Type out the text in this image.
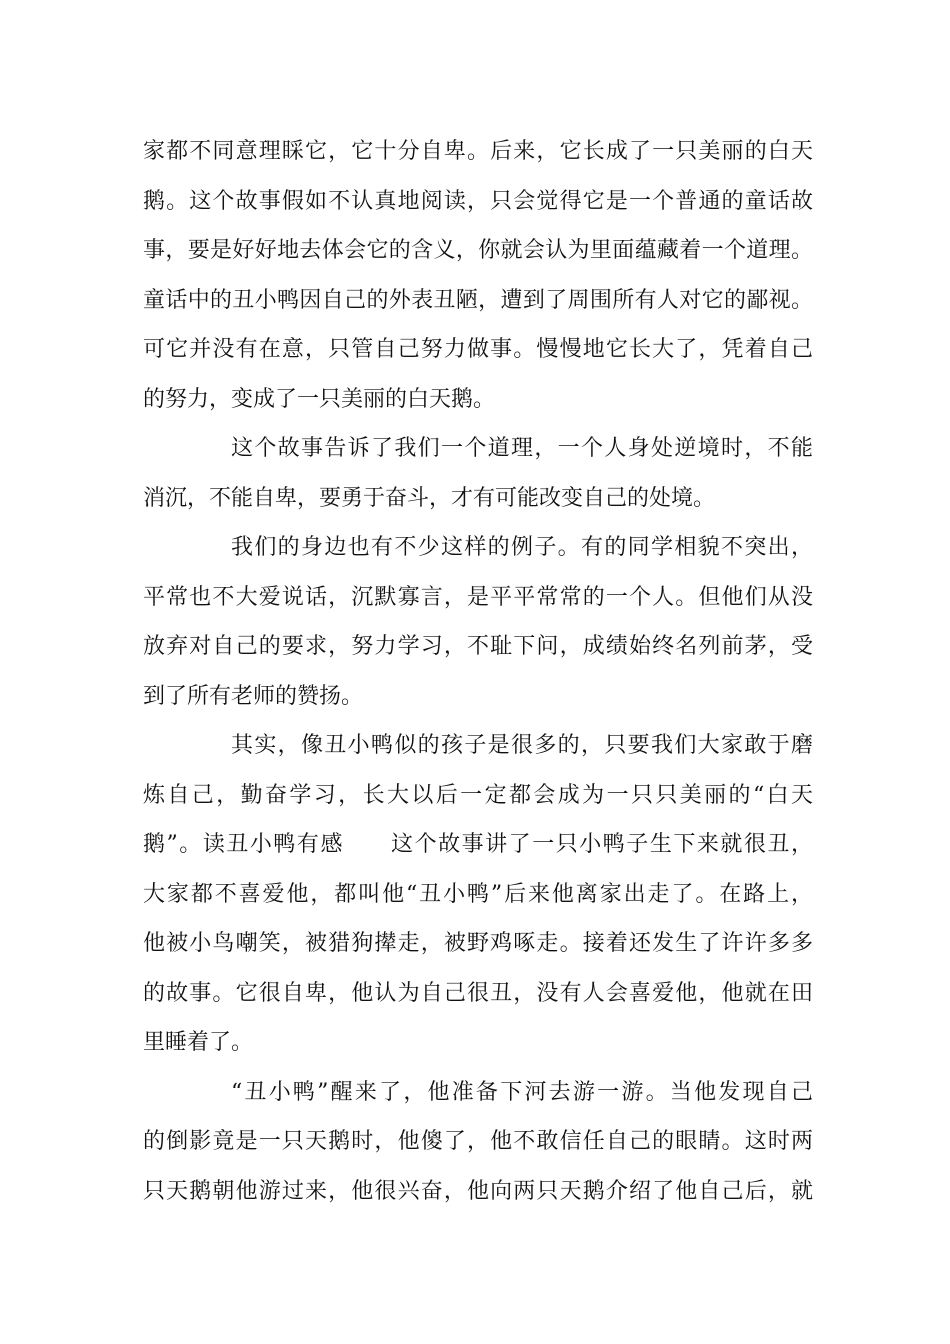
家都不同意理睬它，它十分自卑。后来，它长成了一只美丽的白天
鹅。这个故事假如不认真地阅读，只会觉得它是一个普通的童话故
事，要是好好地去体会它的含义，你就会认为里面蕴藏着一个道理。
童话中的丑小鸭因自己的外表丑陋，遭到了周围所有人对它的鄙视。
可它并没有在意，只管自己努力做事。慢慢地它长大了，凭着自己
的努力，变成了一只美丽的白天鹅。
这个故事告诉了我们一个道理，一个人身处逆境时，不能
消沉，不能自卑，要勇于奋斗，才有可能改变自己的处境。
我们的身边也有不少这样的例子。有的同学相貌不突出，
平常也不大爱说话，沉默寡言，是平平常常的一个人。但他们从没
放弃对自己的要求，努力学习，不耻下问，成绩始终名列前茅，受
到了所有老师的赞扬。
其实，像丑小鸭似的孩子是很多的，只要我们大家敢于磨
炼自己，勤奋学习，长大以后一定都会成为一只只美丽的“白天
鹅”。读丑小鸭有感　　这个故事讲了一只小鸭子生下来就很丑，
大家都不喜爱他，都叫他“丑小鸭”后来他离家出走了。在路上，
他被小鸟嘲笑，被猎狗撵走，被野鸡啄走。接着还发生了许许多多
的故事。它很自卑，他认为自己很丑，没有人会喜爱他，他就在田
里睡着了。
“丑小鸭”醒来了，他准备下河去游一游。当他发现自己
的倒影竟是一只天鹅时，他傻了，他不敢信任自己的眼睛。这时两
只天鹅朝他游过来，他很兴奋，他向两只天鹅介绍了他自己后，就
